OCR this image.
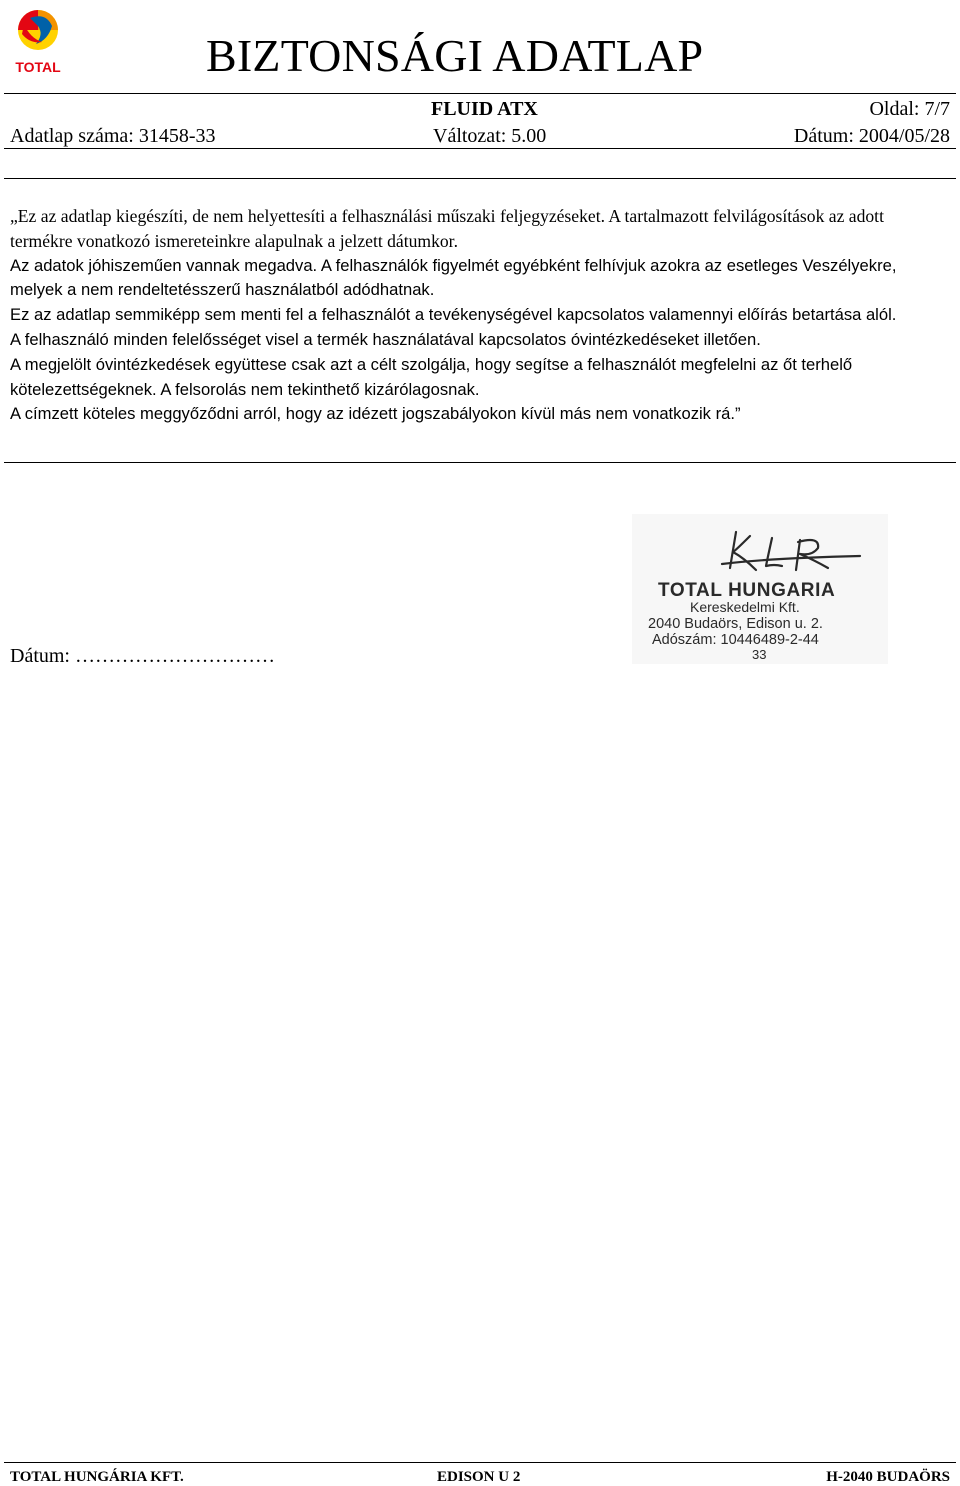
TOTAL	BIZTONSÁGI ADATLAP
FLUID ATX	Oldal: 7/7
Adatlap száma: 31458-33	Változat: 5.00	Dátum: 2004/05/28

„Ez az adatlap kiegészíti, de nem helyettesíti a felhasználási műszaki feljegyzéseket. A tartalmazott felvilágosítások az adott termékre vonatkozó ismereteinkre alapulnak a jelzett dátumkor.

Az adatok jóhiszeműen vannak megadva. A felhasználók figyelmét egyébként felhívjuk azokra az esetleges Veszélyekre, melyek a nem rendeltetésszerű használatból adódhatnak.

Ez az adatlap semmiképp sem menti fel a felhasználót a tevékenységével kapcsolatos valamennyi előírás betartása alól.

A felhasználó minden felelősséget visel a termék használatával kapcsolatos óvintézkedéseket illetően.

A megjelölt óvintézkedések együttese csak azt a célt szolgálja, hogy segítse a felhasználót megfelelni az őt terhelő kötelezettségeknek. A felsorolás nem tekinthető kizárólagosnak.

A címzett köteles meggyőződni arról, hogy az idézett jogszabályokon kívül más nem vonatkozik rá.”

TOTAL HUNGARIA
Kereskedelmi Kft.
2040 Budaörs, Edison u. 2.
Adószám: 10446489-2-44
33
Dátum: …………………………
TOTAL HUNGÁRIA KFT.	EDISON U 2	H-2040 BUDAÖRS
